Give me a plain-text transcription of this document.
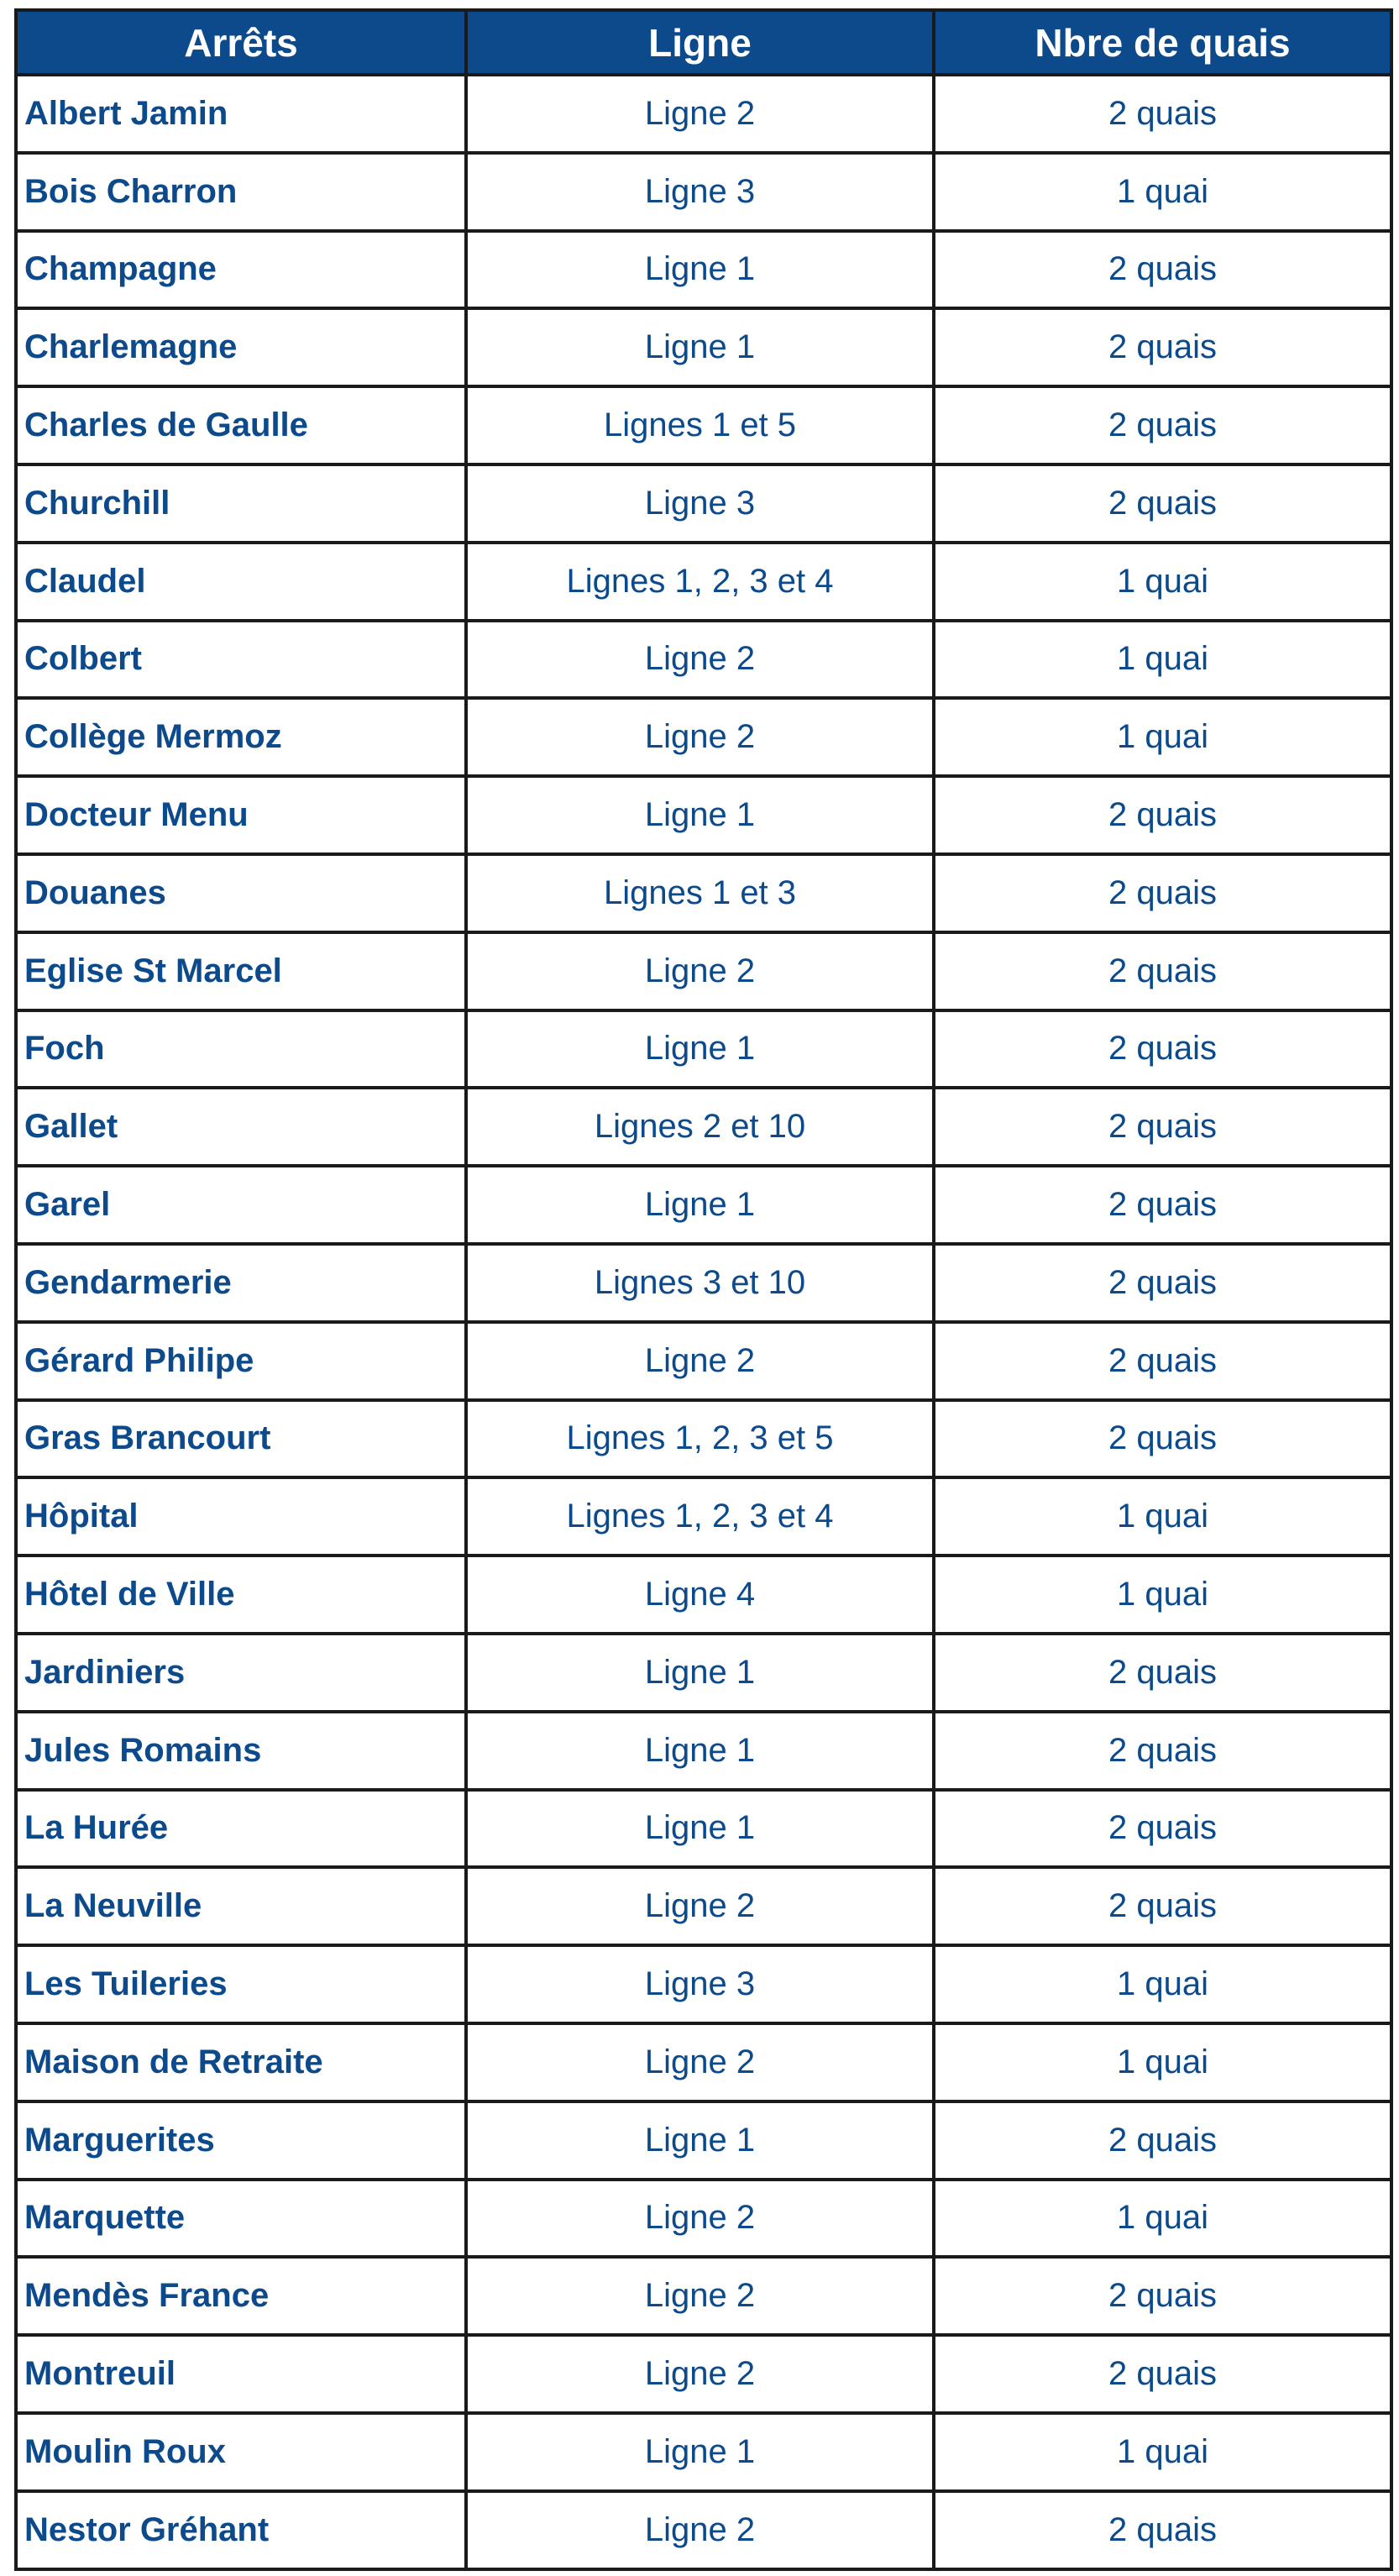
Arrêts	Ligne	Nbre de quais
Albert Jamin	Ligne 2	2 quais
Bois Charron	Ligne 3	1 quai
Champagne	Ligne 1	2 quais
Charlemagne	Ligne 1	2 quais
Charles de Gaulle	Lignes 1 et 5	2 quais
Churchill	Ligne 3	2 quais
Claudel	Lignes 1, 2, 3 et 4	1 quai
Colbert	Ligne 2	1 quai
Collège Mermoz	Ligne 2	1 quai
Docteur Menu	Ligne 1	2 quais
Douanes	Lignes 1 et 3	2 quais
Eglise St Marcel	Ligne 2	2 quais
Foch	Ligne 1	2 quais
Gallet	Lignes 2 et 10	2 quais
Garel	Ligne 1	2 quais
Gendarmerie	Lignes 3 et 10	2 quais
Gérard Philipe	Ligne 2	2 quais
Gras Brancourt	Lignes 1, 2, 3 et 5	2 quais
Hôpital	Lignes 1, 2, 3 et 4	1 quai
Hôtel de Ville	Ligne 4	1 quai
Jardiniers	Ligne 1	2 quais
Jules Romains	Ligne 1	2 quais
La Hurée	Ligne 1	2 quais
La Neuville	Ligne 2	2 quais
Les Tuileries	Ligne 3	1 quai
Maison de Retraite	Ligne 2	1 quai
Marguerites	Ligne 1	2 quais
Marquette	Ligne 2	1 quai
Mendès France	Ligne 2	2 quais
Montreuil	Ligne 2	2 quais
Moulin Roux	Ligne 1	1 quai
Nestor Gréhant	Ligne 2	2 quais
